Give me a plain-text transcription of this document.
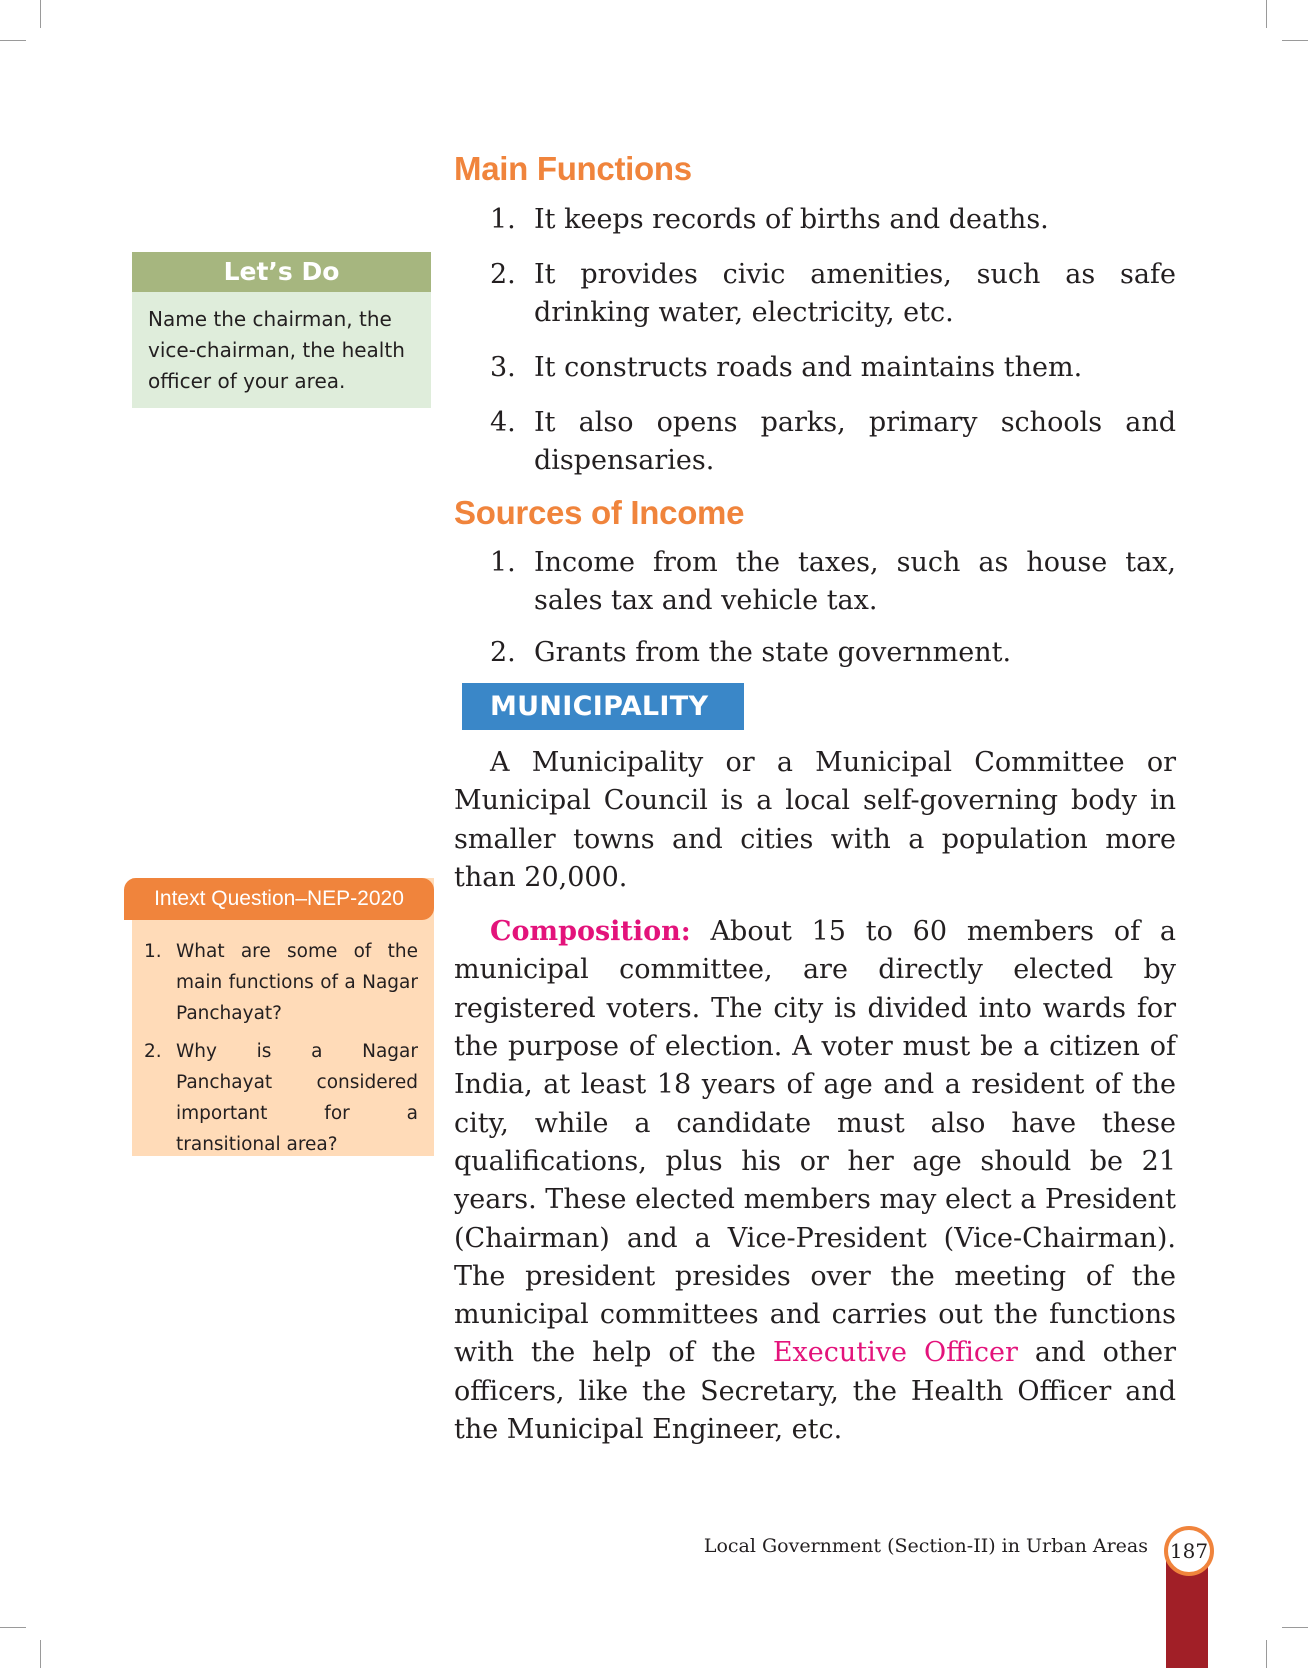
Main Functions
1. It keeps records of births and deaths.
2. It provides civic amenities, such as safe drinking water, electricity, etc.
3. It constructs roads and maintains them.
4. It also opens parks, primary schools and dispensaries.
Sources of Income
1. Income from the taxes, such as house tax, sales tax and vehicle tax.
2. Grants from the state government.
MUNICIPALITY

A Municipality or a Municipal Committee or Municipal Council is a local self-governing body in smaller towns and cities with a population more than 20,000.

Composition: About 15 to 60 members of a municipal committee, are directly elected by registered voters. The city is divided into wards for the purpose of election. A voter must be a citizen of India, at least 18 years of age and a resident of the city, while a candidate must also have these qualifications, plus his or her age should be 21 years. These elected members may elect a President (Chairman) and a Vice-President (Vice-Chairman). The president presides over the meeting of the municipal committees and carries out the functions with the help of the Executive Officer and other officers, like the Secretary, the Health Officer and the Municipal Engineer, etc.

Let’s Do
Name the chairman, the vice-chairman, the health officer of your area.
Intext Question–NEP-2020
1. What are some of the main functions of a Nagar Panchayat?
2. Why is a Nagar Panchayat considered important for a transitional area?
Local Government (Section-II) in Urban Areas 187
